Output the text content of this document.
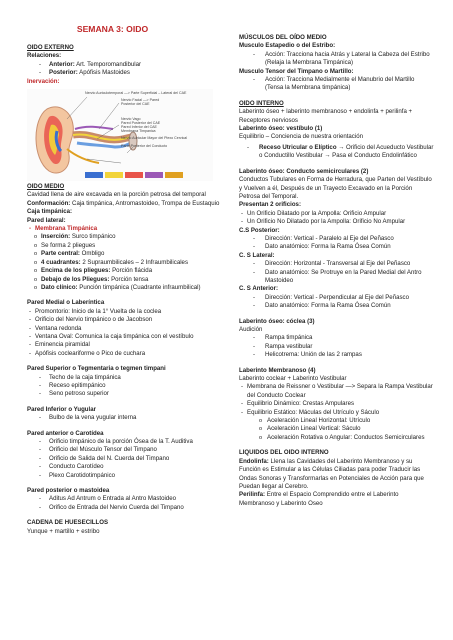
SEMANA 3: OIDO
OIDO EXTERNO
Relaciones:
- Anterior: Art. Temporomandibular
- Posterior: Apófisis Mastoides
Inervación:
Nervio Auriculotemporal —> Parte Superficial – Lateral del CAE
Nervio Facial —> Pared
Posterior del CAE
Nervio Vago
Pared Posterior del CAE
Pared Inferior del CAE
Membrana Timpanica
Nervio Auricular Mayor del Plexo Cervical
Parte Posterior del Conducto
OIDO MEDIO
Cavidad llena de aire excavada en la porción petrosa del temporal
Conformación: Caja timpánica, Antromastoideo, Trompa de Eustaquio
Caja timpánica:
Pared lateral:
- Membrana Timpánica
o Inserción: Surco timpánico
o Se forma 2 pliegues
o Parte central: Ombligo
o 4 cuadrantes: 2 Supraumbilicales – 2 Infraumbilicales
o Encima de los pliegues: Porción flácida
o Debajo de los Pliegues: Porción tensa
o Dato clínico: Punción timpánica (Cuadrante infraumbilical)
Pared Medial o Laberíntica
- Promontorio: Inicio de la 1° Vuelta de la coclea
- Orificio del Nervio timpánico o de Jacobson
- Ventana redonda
- Ventana Oval: Comunica la caja timpánica con el vestíbulo
- Eminencia piramidal
- Apófisis cocleariforme o Pico de cuchara
Pared Superior o Tegmentaria o tegmen timpani
- Techo de la caja timpánica
- Receso epitimpánico
- Seno petroso superior
Pared Inferior o Yugular
- Bulbo de la vena yugular interna
Pared anterior o Carotídea
- Orificio timpánico de la porción Ósea de la T. Auditiva
- Orificio del Músculo Tensor del Timpano
- Orificio de Salida del N. Cuerda del Timpano
- Conducto Carotídeo
- Plexo Carotidotimpánico
Pared posterior o mastoidea
- Aditus Ad Antrum o Entrada al Antro Mastoideo
- Orifico de Entrada del Nervio Cuerda del Timpano
CADENA DE HUESECILLOS
Yunque + martillo + estribo
MÚSCULOS DEL OÍDO MEDIO
Musculo Estapedio o del Estribo:
- Acción: Tracciona hacia Atrás y Lateral la Cabeza del Estribo (Relaja la Membrana Timpánica)
Musculo Tensor del Timpano o Martillo:
- Acción: Tracciona Medialmente el Manubrio del Martillo (Tensa la Membrana timpánica)
OIDO INTERNO
Laberinto óseo + laberinto membranoso + endolinfa + perilinfa + Receptores nerviosos
Laberinto óseo: vestíbulo (1)
Equilibrio – Conciencia de nuestra orientación
- Receso Utricular o Elíptico → Orificio del Acueducto Vestibular o Conductillo Vestibular → Pasa el Conducto Endolinfático
Laberinto óseo: Conducto semicirculares (2)
Conductos Tubulares en Forma de Herradura, que Parten del Vestíbulo y Vuelven a él, Después de un Trayecto Excavado en la Porción Petrosa del Temporal.
Presentan 2 orificios:
- Un Orificio Dilatado por la Ampolla: Orificio Ampular
- Un Orificio No Dilatado por la Ampolla: Orificio No Ampular
C.S Posterior:
- Dirección: Vertical - Paralelo al Eje del Peñasco
- Dato anatómico: Forma la Rama Ósea Común
C. S Lateral:
- Dirección: Horizontal - Transversal al Eje del Peñasco
- Dato anatómico: Se Protruye en la Pared Medial del Antro Mastoideo
C. S Anterior:
- Dirección: Vertical - Perpendicular al Eje del Peñasco
- Dato anatómico: Forma la Rama Ósea Común
Laberinto óseo: cóclea (3)
Audición
- Rampa timpánica
- Rampa vestibular
- Helicotrema: Unión de las 2 rampas
Laberinto Membranoso (4)
Laberinto coclear + Laberinto Vestibular
- Membrana de Reissner o Vestibular —> Separa la Rampa Vestibular del Conducto Coclear
- Equilibrio Dinámico: Crestas Ampulares
- Equilibrio Estático: Máculas del Utrículo y Sáculo
o Aceleración Lineal Horizontal: Utrículo
o Aceleración Lineal Vertical: Sáculo
o Aceleración Rotativa o Angular: Conductos Semicirculares
LIQUIDOS DEL OIDO INTERNO
Endolinfa: Llena las Cavidades del Laberinto Membranoso y su Función es Estimular a las Células Ciliadas para poder Traducir las Ondas Sonoras y Transformarlas en Potenciales de Acción para que Puedan llegar al Cerebro.
Perilinfa: Entre el Espacio Comprendido entre el Laberinto Membranoso y Laberinto Oseo
